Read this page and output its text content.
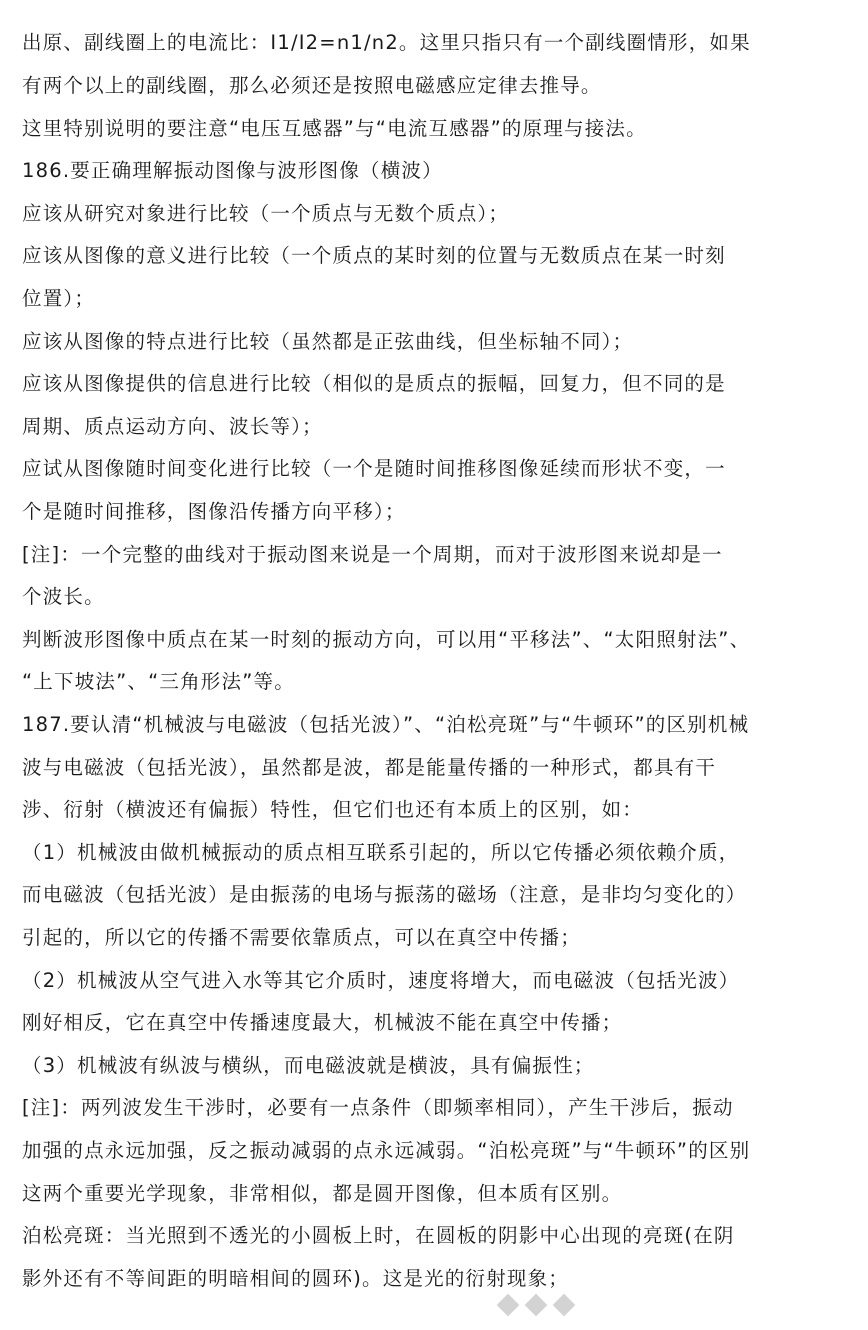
出原、副线圈上的电流比：I1/I2=n1/n2。这里只指只有一个副线圈情形，如果
有两个以上的副线圈，那么必须还是按照电磁感应定律去推导。
这里特别说明的要注意“电压互感器”与“电流互感器”的原理与接法。
186.要正确理解振动图像与波形图像（横波）
应该从研究对象进行比较（一个质点与无数个质点）；
应该从图像的意义进行比较（一个质点的某时刻的位置与无数质点在某一时刻
位置）；
应该从图像的特点进行比较（虽然都是正弦曲线，但坐标轴不同）；
应该从图像提供的信息进行比较（相似的是质点的振幅，回复力，但不同的是
周期、质点运动方向、波长等）；
应试从图像随时间变化进行比较（一个是随时间推移图像延续而形状不变，一
个是随时间推移，图像沿传播方向平移）；
[注]：一个完整的曲线对于振动图来说是一个周期，而对于波形图来说却是一
个波长。
判断波形图像中质点在某一时刻的振动方向，可以用“平移法”、“太阳照射法”、
“上下坡法”、“三角形法”等。
187.要认清“机械波与电磁波（包括光波）”、“泊松亮斑”与“牛顿环”的区别机械
波与电磁波（包括光波），虽然都是波，都是能量传播的一种形式，都具有干
涉、衍射（横波还有偏振）特性，但它们也还有本质上的区别，如：
（1）机械波由做机械振动的质点相互联系引起的，所以它传播必须依赖介质，
而电磁波（包括光波）是由振荡的电场与振荡的磁场（注意，是非均匀变化的）
引起的，所以它的传播不需要依靠质点，可以在真空中传播；
（2）机械波从空气进入水等其它介质时，速度将增大，而电磁波（包括光波）
刚好相反，它在真空中传播速度最大，机械波不能在真空中传播；
（3）机械波有纵波与横纵，而电磁波就是横波，具有偏振性；
[注]：两列波发生干涉时，必要有一点条件（即频率相同），产生干涉后，振动
加强的点永远加强，反之振动减弱的点永远减弱。“泊松亮斑”与“牛顿环”的区别
这两个重要光学现象，非常相似，都是圆开图像，但本质有区别。
泊松亮斑：当光照到不透光的小圆板上时，在圆板的阴影中心出现的亮斑(在阴
影外还有不等间距的明暗相间的圆环)。这是光的衍射现象；
